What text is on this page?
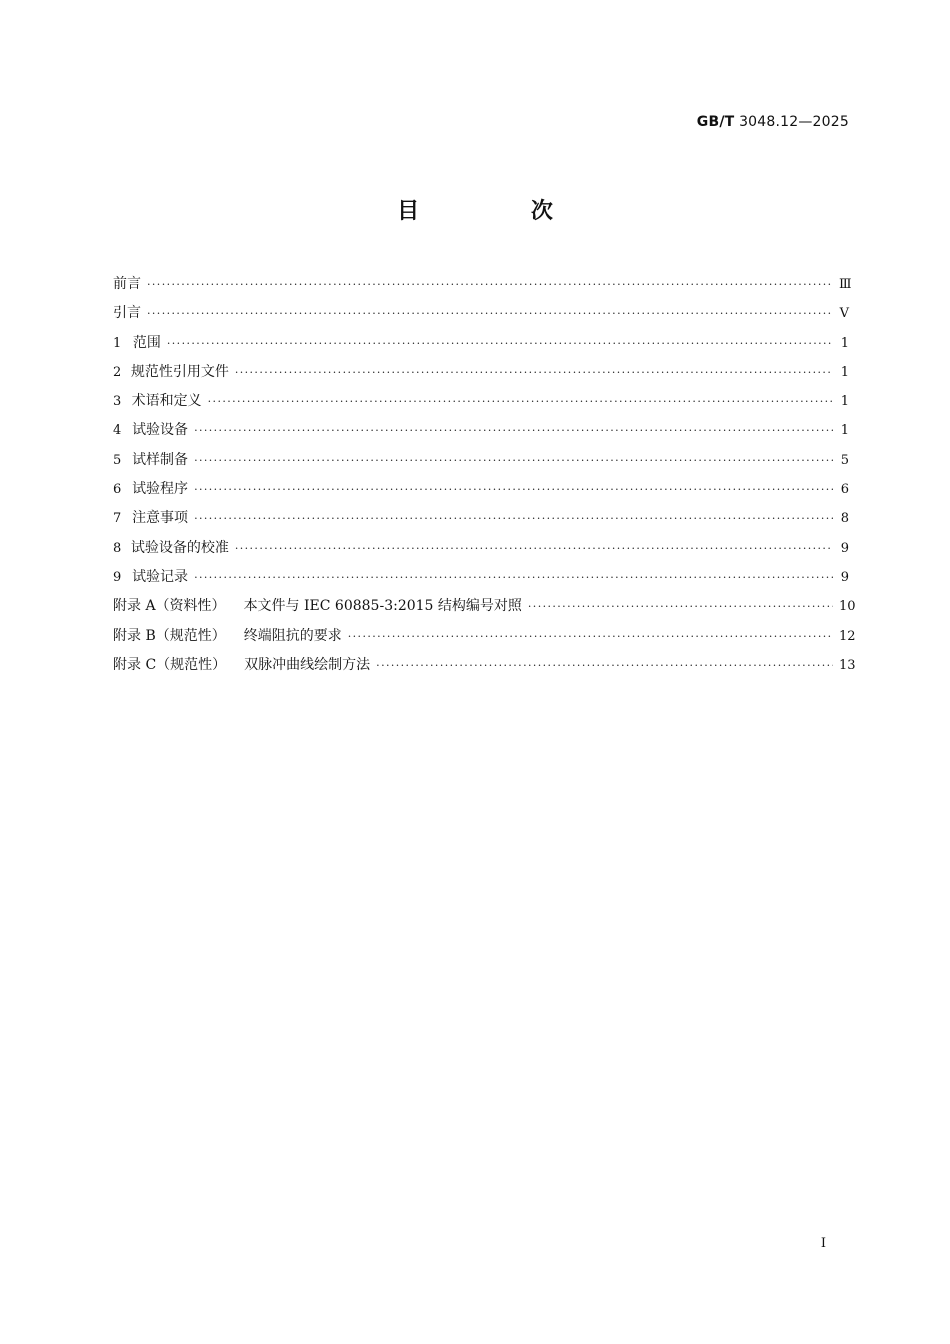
GB/T 3048.12—2025
目 次
前言 ·····	Ⅲ
引言 ·····	Ⅴ
1 范围 ·····	1
2 规范性引用文件 ·····	1
3 术语和定义 ·····	1
4 试验设备 ·····	1
5 试样制备 ·····	5
6 试验程序 ·····	6
7 注意事项 ·····	8
8 试验设备的校准 ·····	9
9 试验记录 ·····	9
附录 A（资料性）	本文件与 IEC 60885-3:2015 结构编号对照 ·····	10
附录 B（规范性）	终端阻抗的要求 ·····	12
附录 C（规范性）	双脉冲曲线绘制方法 ·····	13
Ⅰ
